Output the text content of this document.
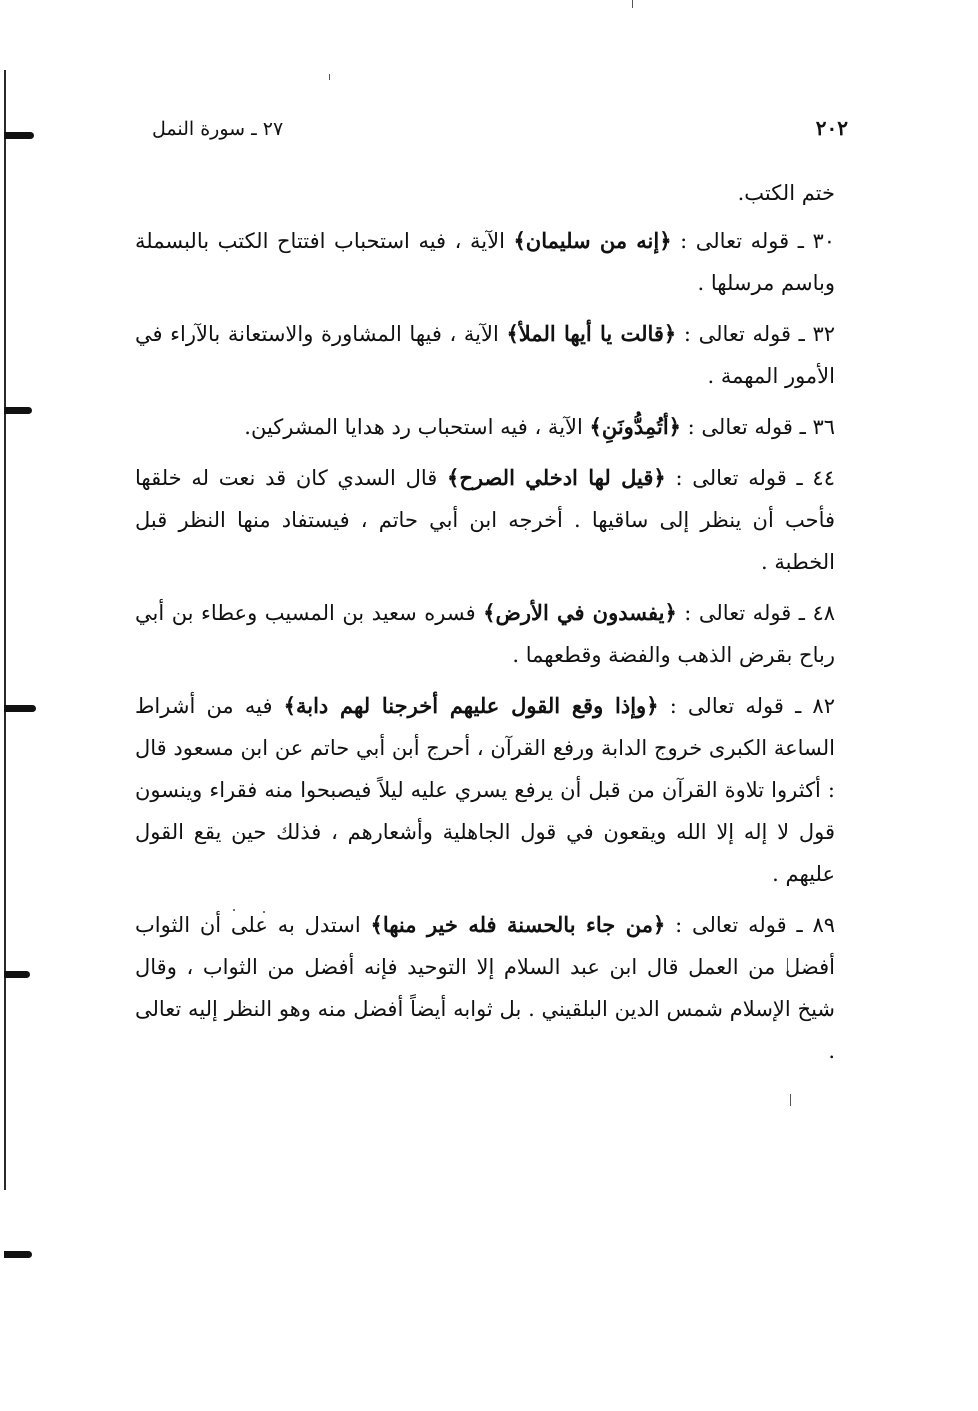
٢٠٢
٢٧ ـ سورة النمل

ختم الكتب.

٣٠ ـ قوله تعالى : ﴿إنه من سليمان﴾ الآية ، فيه استحباب افتتاح الكتب بالبسملة وباسم مرسلها .

٣٢ ـ قوله تعالى : ﴿قالت يا أيها الملأ﴾ الآية ، فيها المشاورة والاستعانة بالآراء في الأمور المهمة .

٣٦ ـ قوله تعالى : ﴿أتُمِدُّونَنِ﴾ الآية ، فيه استحباب رد هدايا المشركين.

٤٤ ـ قوله تعالى : ﴿قيل لها ادخلي الصرح﴾ قال السدي كان قد نعت له خلقها فأحب أن ينظر إلى ساقيها . أخرجه ابن أبي حاتم ، فيستفاد منها النظر قبل الخطبة .

٤٨ ـ قوله تعالى : ﴿يفسدون في الأرض﴾ فسره سعيد بن المسيب وعطاء بن أبي رباح بقرض الذهب والفضة وقطعهما .

٨٢ ـ قوله تعالى : ﴿وإذا وقع القول عليهم أخرجنا لهم دابة﴾ فيه من أشراط الساعة الكبرى خروج الدابة ورفع القرآن ، أحرج أبن أبي حاتم عن ابن مسعود قال : أكثروا تلاوة القرآن من قبل أن يرفع يسري عليه ليلاً فيصبحوا منه فقراء وينسون قول لا إله إلا الله ويقعون في قول الجاهلية وأشعارهم ، فذلك حين يقع القول عليهم .

٨٩ ـ قوله تعالى : ﴿من جاء بالحسنة فله خير منها﴾ استدل به على أن الثواب أفضل من العمل قال ابن عبد السلام إلا التوحيد فإنه أفضل من الثواب ، وقال شيخ الإسلام شمس الدين البلقيني . بل ثوابه أيضاً أفضل منه وهو النظر إليه تعالى .
